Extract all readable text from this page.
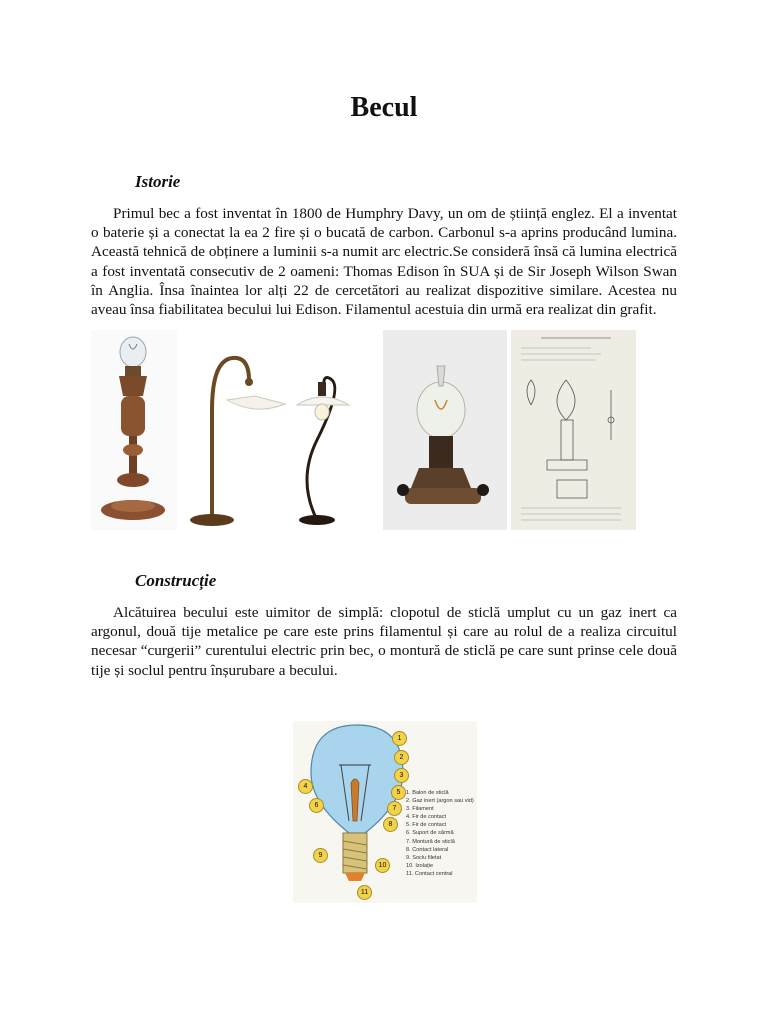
Becul
Istorie

Primul bec a fost inventat în 1800 de Humphry Davy, un om de știință englez. El a inventat o baterie și a conectat la ea 2 fire și o bucată de carbon. Carbonul s-a aprins producând lumina. Această tehnică de obținere a luminii s-a numit arc electric.Se consideră însă că lumina electrică a fost inventată consecutiv de 2 oameni: Thomas Edison în SUA și de Sir Joseph Wilson Swan în Anglia. Însa înaintea lor alți 22 de cercetători au realizat dispozitive similare. Acestea nu aveau însa fiabilitatea becului lui Edison. Filamentul acestuia din urmă era realizat din grafit.

Construcție

Alcătuirea becului este uimitor de simplă: clopotul de sticlă umplut cu un gaz inert ca argonul, două tije metalice pe care este prins filamentul și care au rolul de a realiza circuitul necesar “curgerii” curentului electric prin bec, o montură de sticlă pe care sunt prinse cele două tije și soclul pentru înșurubare a becului.

1
2
3
4
5
6	7
8
9
10
11
1. Balon de sticlă
2. Gaz inert (argon sau vid)
3. Filament
4. Fir de contact
5. Fir de contact
6. Suport de sârmă
7. Montură de sticlă
8. Contact lateral
9. Soclu filetat
10. Izolație
11. Contact central
